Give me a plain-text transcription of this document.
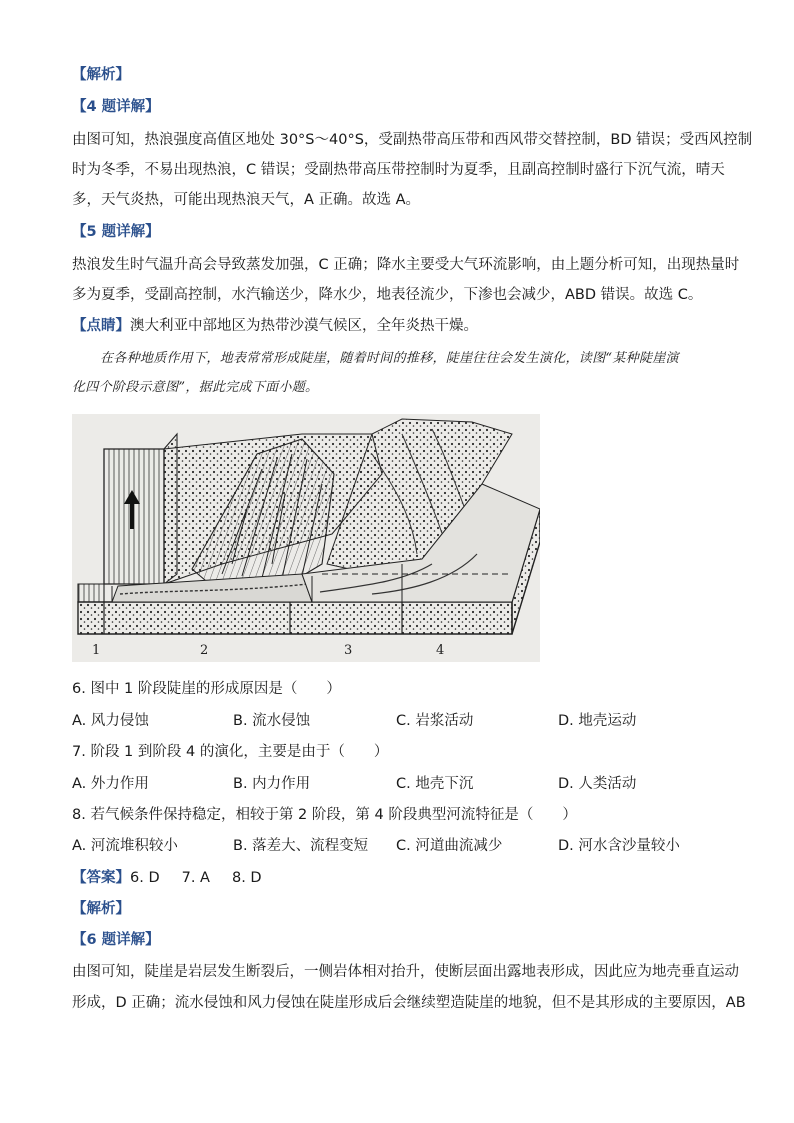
【解析】
【4 题详解】
由图可知，热浪强度高值区地处 30°S～40°S，受副热带高压带和西风带交替控制，BD 错误；受西风控制
时为冬季，不易出现热浪，C 错误；受副热带高压带控制时为夏季，且副高控制时盛行下沉气流，晴天
多，天气炎热，可能出现热浪天气，A 正确。故选 A。
【5 题详解】
热浪发生时气温升高会导致蒸发加强，C 正确；降水主要受大气环流影响，由上题分析可知，出现热量时
多为夏季，受副高控制，水汽输送少，降水少，地表径流少，下渗也会减少，ABD 错误。故选 C。
【点睛】澳大利亚中部地区为热带沙漠气候区，全年炎热干燥。
在各种地质作用下，地表常常形成陡崖，随着时间的推移，陡崖往往会发生演化，读图“某种陡崖演
化四个阶段示意图”，据此完成下面小题。
1	2	3	4
6. 图中 1 阶段陡崖的形成原因是（　　）
A. 风力侵蚀	B. 流水侵蚀	C. 岩浆活动	D. 地壳运动
7. 阶段 1 到阶段 4 的演化，主要是由于（　　）
A. 外力作用	B. 内力作用	C. 地壳下沉	D. 人类活动
8. 若气候条件保持稳定，相较于第 2 阶段，第 4 阶段典型河流特征是（　　）
A. 河流堆积较小	B. 落差大、流程变短 C. 河道曲流减少	D. 河水含沙量较小
【答案】6. D 7. A 8. D
【解析】
【6 题详解】
由图可知，陡崖是岩层发生断裂后，一侧岩体相对抬升，使断层面出露地表形成，因此应为地壳垂直运动
形成，D 正确；流水侵蚀和风力侵蚀在陡崖形成后会继续塑造陡崖的地貌，但不是其形成的主要原因，AB
